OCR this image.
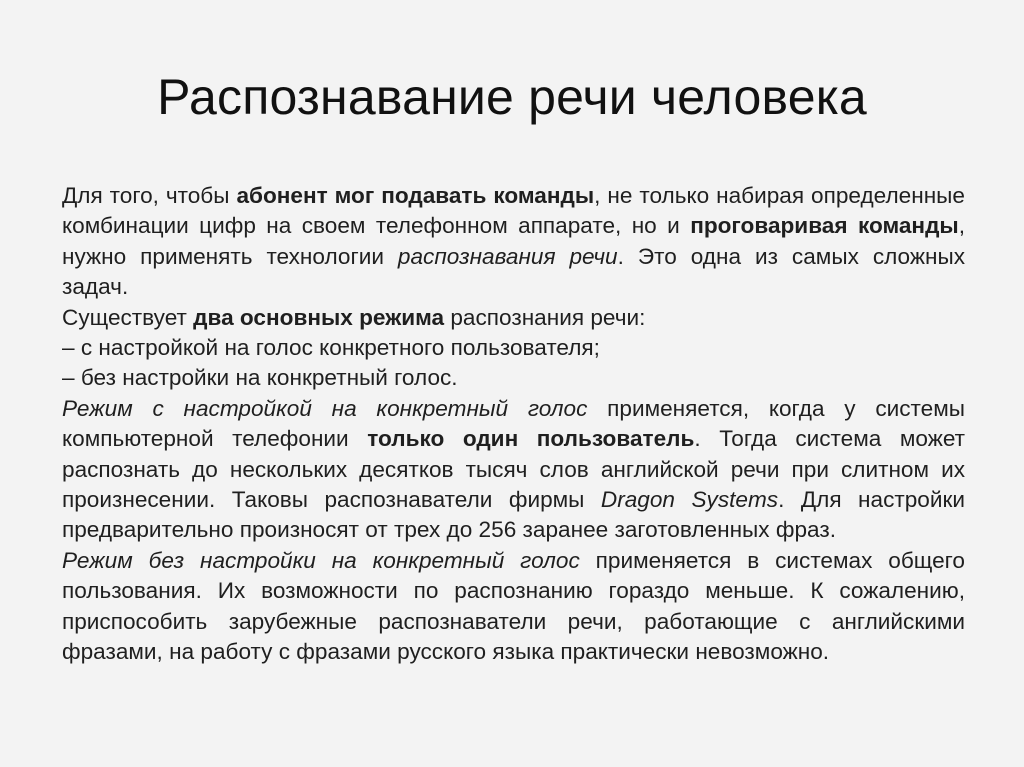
Распознавание речи человека

Для того, чтобы абонент мог подавать команды, не только набирая определенные комбинации цифр на своем телефонном аппарате, но и проговаривая команды, нужно применять технологии распознавания речи. Это одна из самых сложных задач.

Существует два основных режима распознания речи:

– с настройкой на голос конкретного пользователя;

– без настройки на конкретный голос.

Режим с настройкой на конкретный голос применяется, когда у системы компьютерной телефонии только один пользователь. Тогда система может распознать до нескольких десятков тысяч слов английской речи при слитном их произнесении. Таковы распознаватели фирмы Dragon Systems. Для настройки предварительно произносят от трех до 256 заранее заготовленных фраз.

Режим без настройки на конкретный голос применяется в системах общего пользования. Их возможности по распознанию гораздо меньше. К сожалению, приспособить зарубежные распознаватели речи, работающие с английскими фразами, на работу с фразами русского языка практически невозможно.
